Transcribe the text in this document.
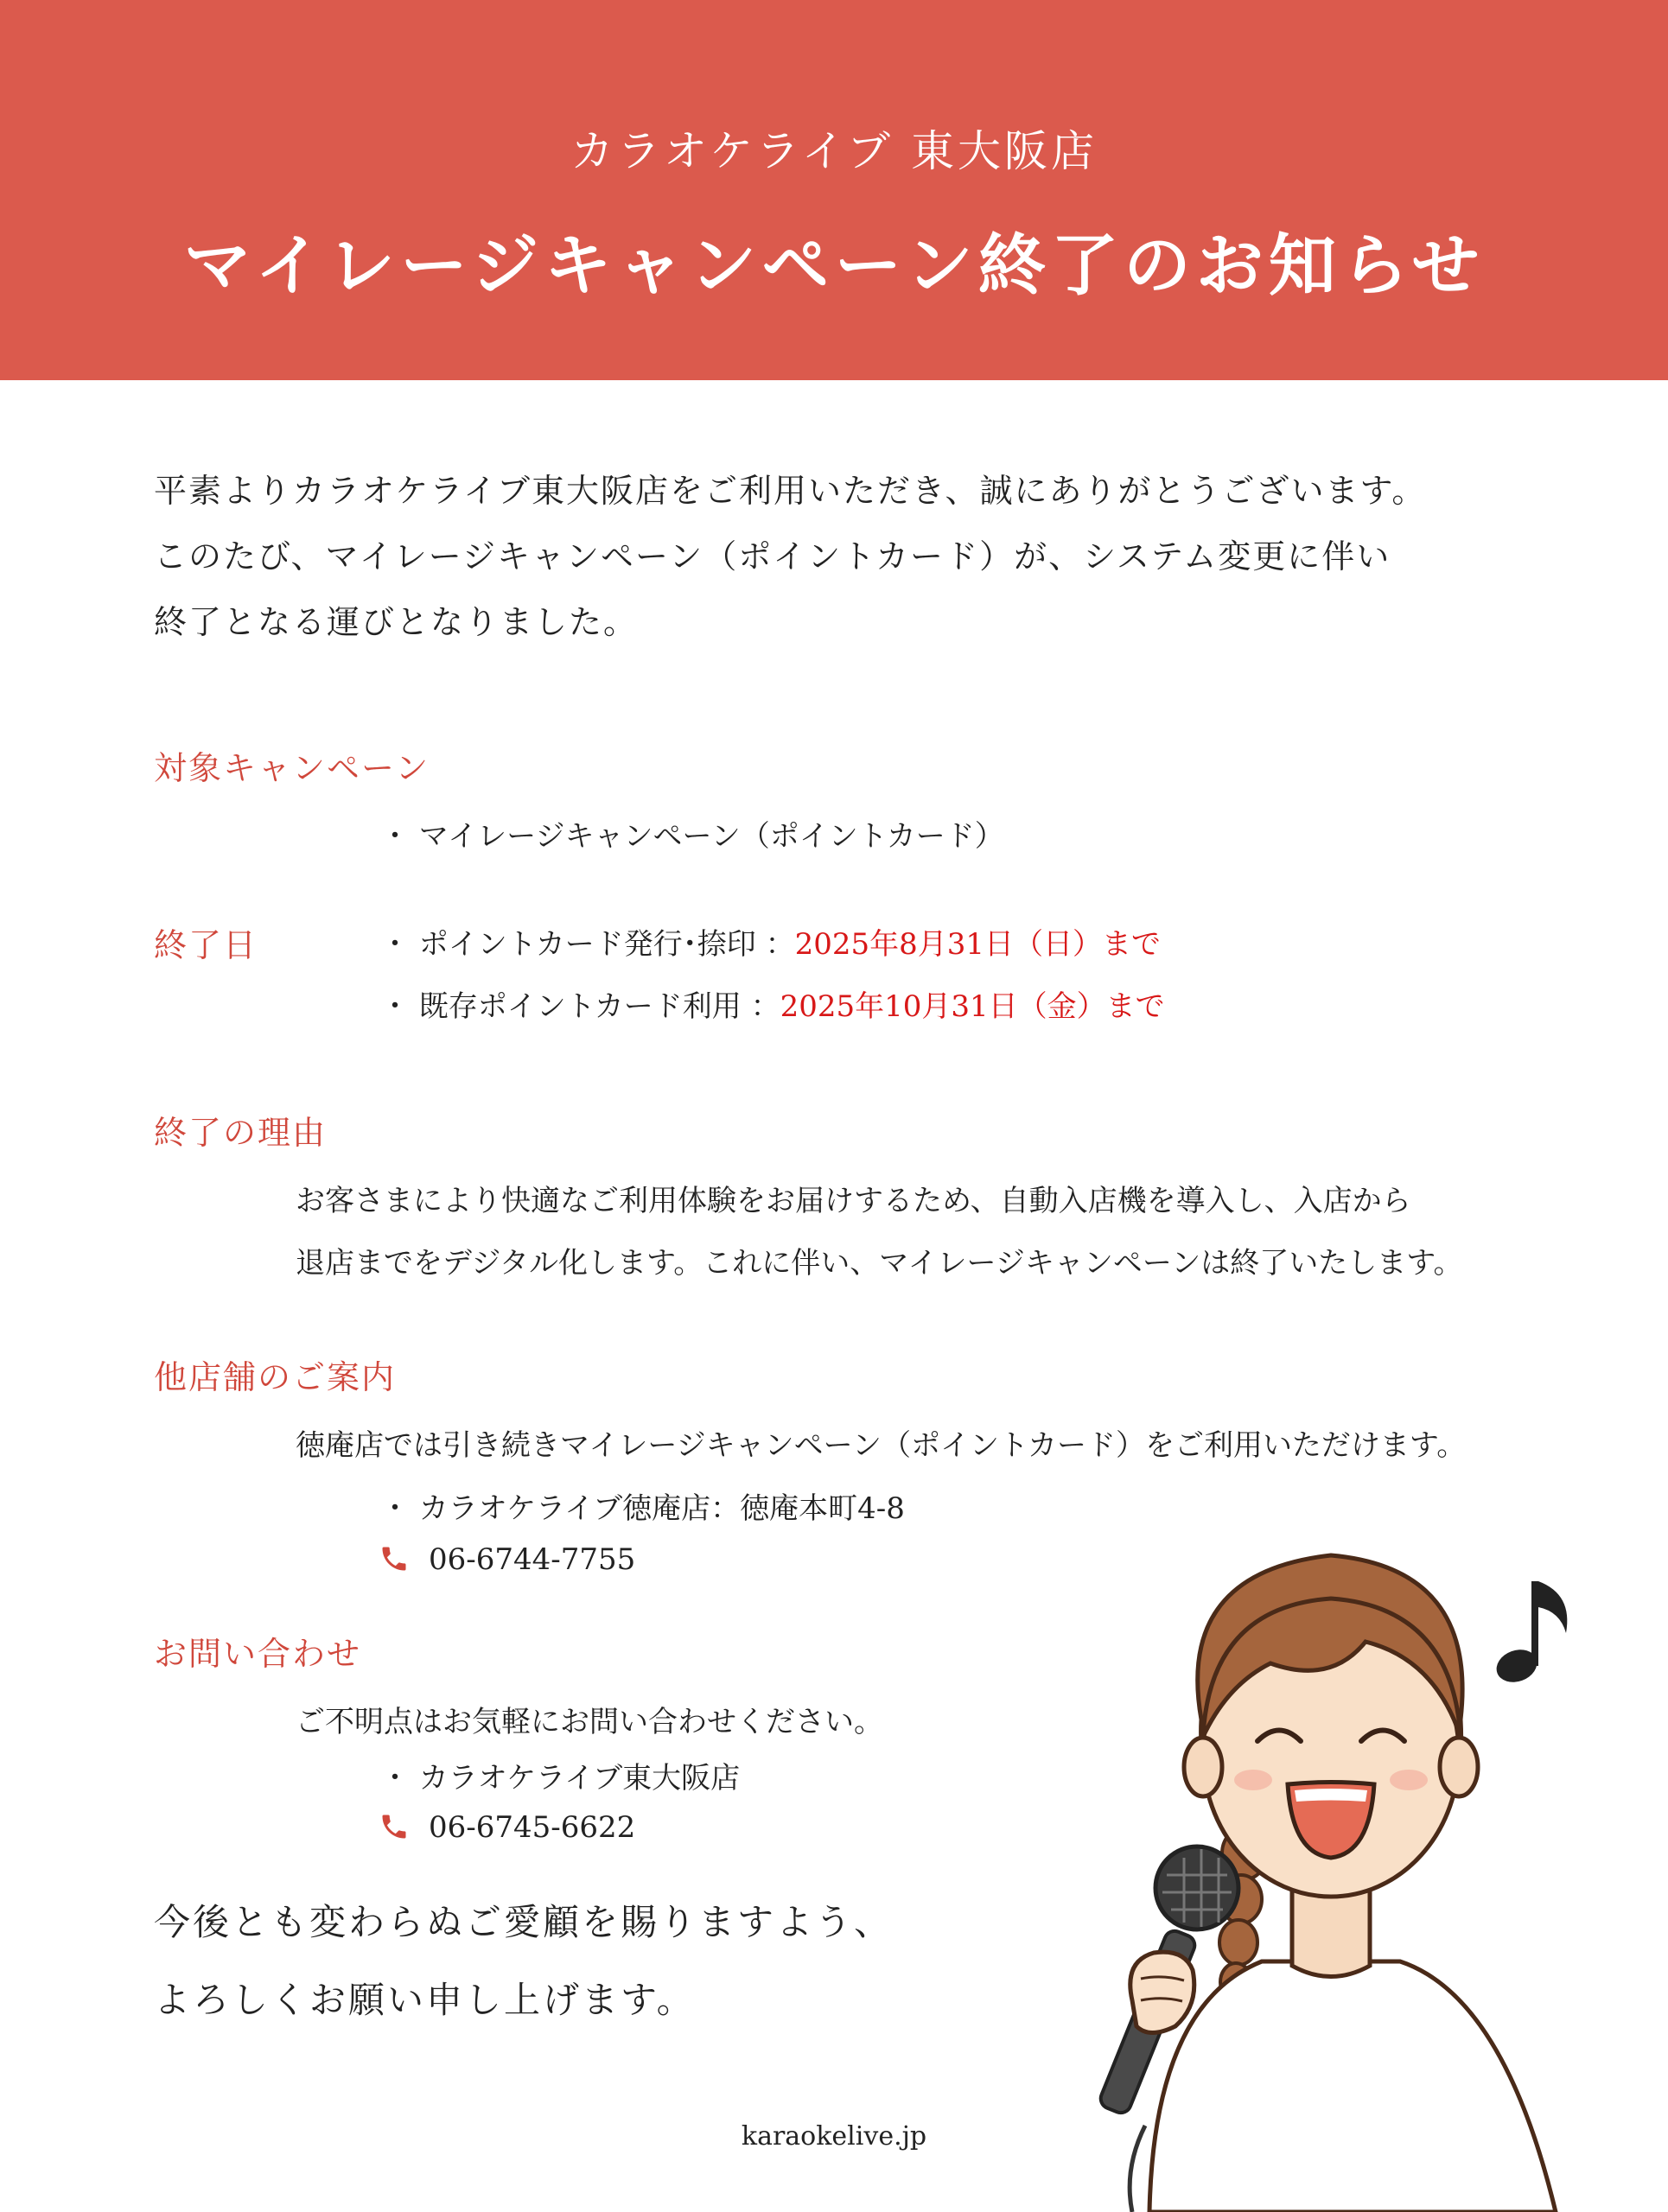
カラオケライブ 東大阪店
マイレージキャンペーン終了のお知らせ
平素よりカラオケライブ東大阪店をご利用いただき、誠にありがとうございます。
このたび、マイレージキャンペーン（ポイントカード）が、システム変更に伴い
終了となる運びとなりました。
対象キャンペーン
・ マイレージキャンペーン（ポイントカード）
終了日	・ ポイントカード発行･捺印 ：2025年8月31日（日）まで
・ 既存ポイントカード利用 ：2025年10月31日（金）まで
終了の理由
お客さまにより快適なご利用体験をお届けするため、自動入店機を導入し、入店から
退店までをデジタル化します。これに伴い、マイレージキャンペーンは終了いたします。
他店舗のご案内
徳庵店では引き続きマイレージキャンペーン（ポイントカード）をご利用いただけます。
・ カラオケライブ徳庵店：徳庵本町4-8
06-6744-7755
お問い合わせ
ご不明点はお気軽にお問い合わせください。
・ カラオケライブ東大阪店
06-6745-6622
今後とも変わらぬご愛顧を賜りますよう、
よろしくお願い申し上げます。
karaokelive.jp
